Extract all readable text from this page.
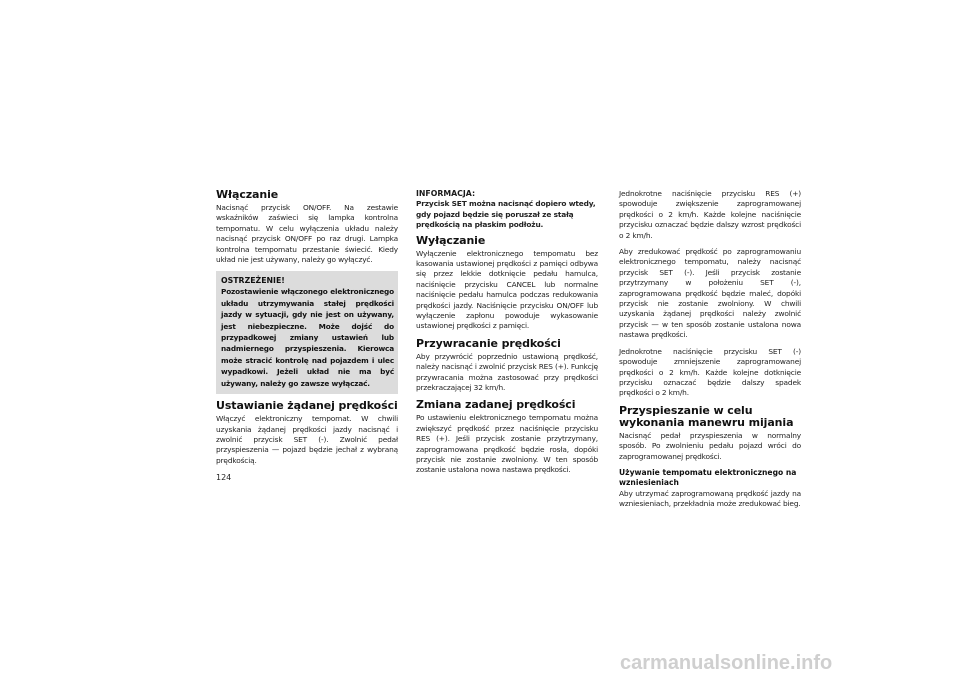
Włączanie

Nacisnąć przycisk ON/OFF. Na zestawie wskaźników zaświeci się lampka kontrolna tempomatu. W celu wyłączenia układu należy nacisnąć przycisk ON/OFF po raz drugi. Lampka kontrolna tempomatu przestanie świecić. Kiedy układ nie jest używany, należy go wyłączyć.

OSTRZEŻENIE!
Pozostawienie włączonego elektronicznego układu utrzymywania stałej prędkości jazdy w sytuacji, gdy nie jest on używany, jest niebezpieczne. Może dojść do przypadkowej zmiany ustawień lub nadmiernego przyspieszenia. Kierowca może stracić kontrolę nad pojazdem i ulec wypadkowi. Jeżeli układ nie ma być używany, należy go zawsze wyłączać.
Ustawianie żądanej prędkości

Włączyć elektroniczny tempomat. W chwili uzyskania żądanej prędkości jazdy nacisnąć i zwolnić przycisk SET (-). Zwolnić pedał przyspieszenia — pojazd będzie jechał z wybraną prędkością.

INFORMACJA:

Przycisk SET można nacisnąć dopiero wtedy, gdy pojazd będzie się poruszał ze stałą prędkością na płaskim podłożu.

Wyłączanie

Wyłączenie elektronicznego tempomatu bez kasowania ustawionej prędkości z pamięci odbywa się przez lekkie dotknięcie pedału hamulca, naciśnięcie przycisku CANCEL lub normalne naciśnięcie pedału hamulca podczas redukowania prędkości jazdy. Naciśnięcie przycisku ON/OFF lub wyłączenie zapłonu powoduje wykasowanie ustawionej prędkości z pamięci.

Przywracanie prędkości

Aby przywrócić poprzednio ustawioną prędkość, należy nacisnąć i zwolnić przycisk RES (+). Funkcję przywracania można zastosować przy prędkości przekraczającej 32 km/h.

Zmiana zadanej prędkości

Po ustawieniu elektronicznego tempomatu można zwiększyć prędkość przez naciśnięcie przycisku RES (+). Jeśli przycisk zostanie przytrzymany, zaprogramowana prędkość będzie rosła, dopóki przycisk nie zostanie zwolniony. W ten sposób zostanie ustalona nowa nastawa prędkości.

Jednokrotne naciśnięcie przycisku RES (+) spowoduje zwiększenie zaprogramowanej prędkości o 2 km/h. Każde kolejne naciśnięcie przycisku oznaczać będzie dalszy wzrost prędkości o 2 km/h.

Aby zredukować prędkość po zaprogramowaniu elektronicznego tempomatu, należy nacisnąć przycisk SET (-). Jeśli przycisk zostanie przytrzymany w położeniu SET (-), zaprogramowana prędkość będzie maleć, dopóki przycisk nie zostanie zwolniony. W chwili uzyskania żądanej prędkości należy zwolnić przycisk — w ten sposób zostanie ustalona nowa nastawa prędkości.

Jednokrotne naciśnięcie przycisku SET (-) spowoduje zmniejszenie zaprogramowanej prędkości o 2 km/h. Każde kolejne dotknięcie przycisku oznaczać będzie dalszy spadek prędkości o 2 km/h.

Przyspieszanie w celu wykonania manewru mijania

Nacisnąć pedał przyspieszenia w normalny sposób. Po zwolnieniu pedału pojazd wróci do zaprogramowanej prędkości.

Używanie tempomatu elektronicznego na wzniesieniach

Aby utrzymać zaprogramowaną prędkość jazdy na wzniesieniach, przekładnia może zredukować bieg.

124
carmanualsonline.info
